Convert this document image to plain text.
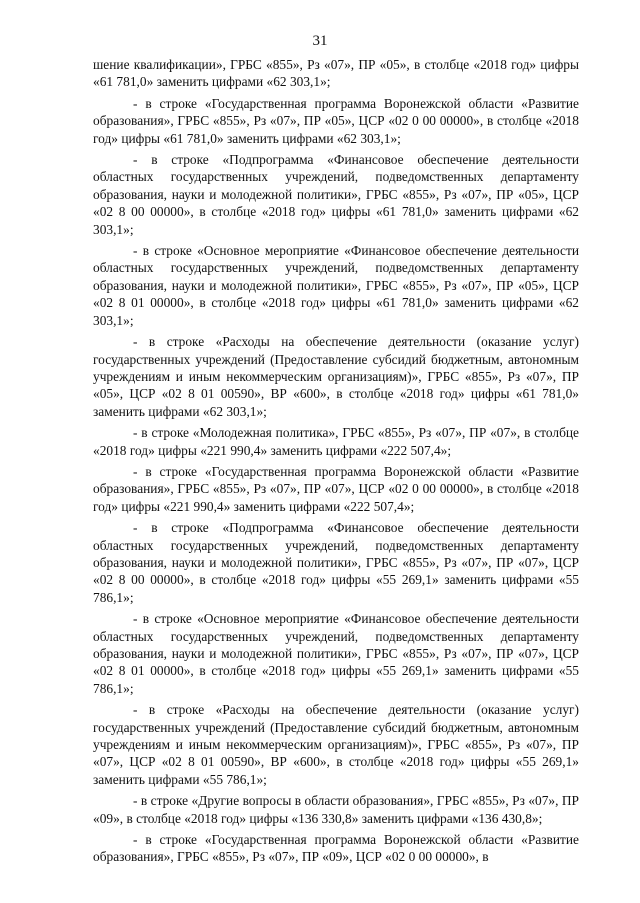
31

шение квалификации», ГРБС «855», Рз «07», ПР «05», в столбце «2018 год» цифры «61 781,0» заменить цифрами «62 303,1»;

- в строке «Государственная программа Воронежской области «Развитие образования», ГРБС «855», Рз «07», ПР «05», ЦСР «02 0 00 00000», в столбце «2018 год» цифры «61 781,0» заменить цифрами «62 303,1»;

- в строке «Подпрограмма «Финансовое обеспечение деятельности областных государственных учреждений, подведомственных департаменту образования, науки и молодежной политики», ГРБС «855», Рз «07», ПР «05», ЦСР «02 8 00 00000», в столбце «2018 год» цифры «61 781,0» заменить цифрами «62 303,1»;

- в строке «Основное мероприятие «Финансовое обеспечение деятельности областных государственных учреждений, подведомственных департаменту образования, науки и молодежной политики», ГРБС «855», Рз «07», ПР «05», ЦСР «02 8 01 00000», в столбце «2018 год» цифры «61 781,0» заменить цифрами «62 303,1»;

- в строке «Расходы на обеспечение деятельности (оказание услуг) государственных учреждений (Предоставление субсидий бюджетным, автономным учреждениям и иным некоммерческим организациям)», ГРБС «855», Рз «07», ПР «05», ЦСР «02 8 01 00590», ВР «600», в столбце «2018 год» цифры «61 781,0» заменить цифрами «62 303,1»;

- в строке «Молодежная политика», ГРБС «855», Рз «07», ПР «07», в столбце «2018 год» цифры «221 990,4» заменить цифрами «222 507,4»;

- в строке «Государственная программа Воронежской области «Развитие образования», ГРБС «855», Рз «07», ПР «07», ЦСР «02 0 00 00000», в столбце «2018 год» цифры «221 990,4» заменить цифрами «222 507,4»;

- в строке «Подпрограмма «Финансовое обеспечение деятельности областных государственных учреждений, подведомственных департаменту образования, науки и молодежной политики», ГРБС «855», Рз «07», ПР «07», ЦСР «02 8 00 00000», в столбце «2018 год» цифры «55 269,1» заменить цифрами «55 786,1»;

- в строке «Основное мероприятие «Финансовое обеспечение деятельности областных государственных учреждений, подведомственных департаменту образования, науки и молодежной политики», ГРБС «855», Рз «07», ПР «07», ЦСР «02 8 01 00000», в столбце «2018 год» цифры «55 269,1» заменить цифрами «55 786,1»;

- в строке «Расходы на обеспечение деятельности (оказание услуг) государственных учреждений (Предоставление субсидий бюджетным, автономным учреждениям и иным некоммерческим организациям)», ГРБС «855», Рз «07», ПР «07», ЦСР «02 8 01 00590», ВР «600», в столбце «2018 год» цифры «55 269,1» заменить цифрами «55 786,1»;

- в строке «Другие вопросы в области образования», ГРБС «855», Рз «07», ПР «09», в столбце «2018 год» цифры «136 330,8» заменить цифрами «136 430,8»;

- в строке «Государственная программа Воронежской области «Развитие образования», ГРБС «855», Рз «07», ПР «09», ЦСР «02 0 00 00000», в
